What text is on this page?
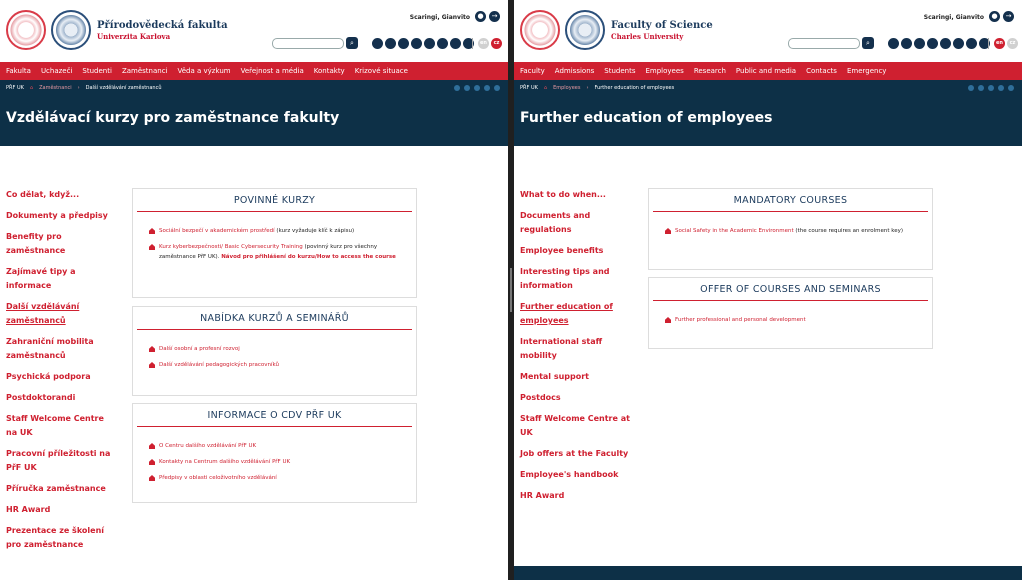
Přírodovědecká fakulta
Univerzita Karlova
Scaringi, Gianvito	●	→
⌕	en	cz
Fakulta Uchazeči Studenti Zaměstnanci Věda a výzkum Veřejnost a média Kontakty Krizové situace
PŘF UK ⌂ Zaměstnanci › Další vzdělávání zaměstnanců
Vzdělávací kurzy pro zaměstnance fakulty
Co dělat, když...
Dokumenty a předpisy
Benefity pro zaměstnance
Zajímavé tipy a informace
Další vzdělávání zaměstnanců
Zahraniční mobilita zaměstnanců
Psychická podpora
Postdoktorandi
Staff Welcome Centre na UK
Pracovní příležitosti na PřF UK
Příručka zaměstnance
HR Award
Prezentace ze školení pro zaměstnance
POVINNÉ KURZY
Sociální bezpečí v akademickém prostředí (kurz vyžaduje klíč k zápisu)
Kurz kyberbezpečnosti/ Basic Cybersecurity Training (povinný kurz pro všechny zaměstnance PřF UK). Návod pro přihlášení do kurzu/How to access the course
NABÍDKA KURZŮ A SEMINÁŘŮ
Další osobní a profesní rozvoj
Další vzdělávání pedagogických pracovníků
INFORMACE O CDV PŘF UK
O Centru dalšího vzdělávání PřF UK
Kontakty na Centrum dalšího vzdělávání PřF UK
Předpisy v oblasti celoživotního vzdělávání
Faculty of Science
Charles University
Scaringi, Gianvito	●	→
⌕	en	cz
Faculty Admissions Students Employees Research Public and media Contacts Emergency
PŘF UK ⌂ Employees › Further education of employees
Further education of employees
What to do when...
Documents and regulations
Employee benefits
Interesting tips and information
Further education of employees
International staff mobility
Mental support
Postdocs
Staff Welcome Centre at UK
Job offers at the Faculty
Employee's handbook
HR Award
MANDATORY COURSES
Social Safety in the Academic Environment (the course requires an enrolment key)
OFFER OF COURSES AND SEMINARS
Further professional and personal development
